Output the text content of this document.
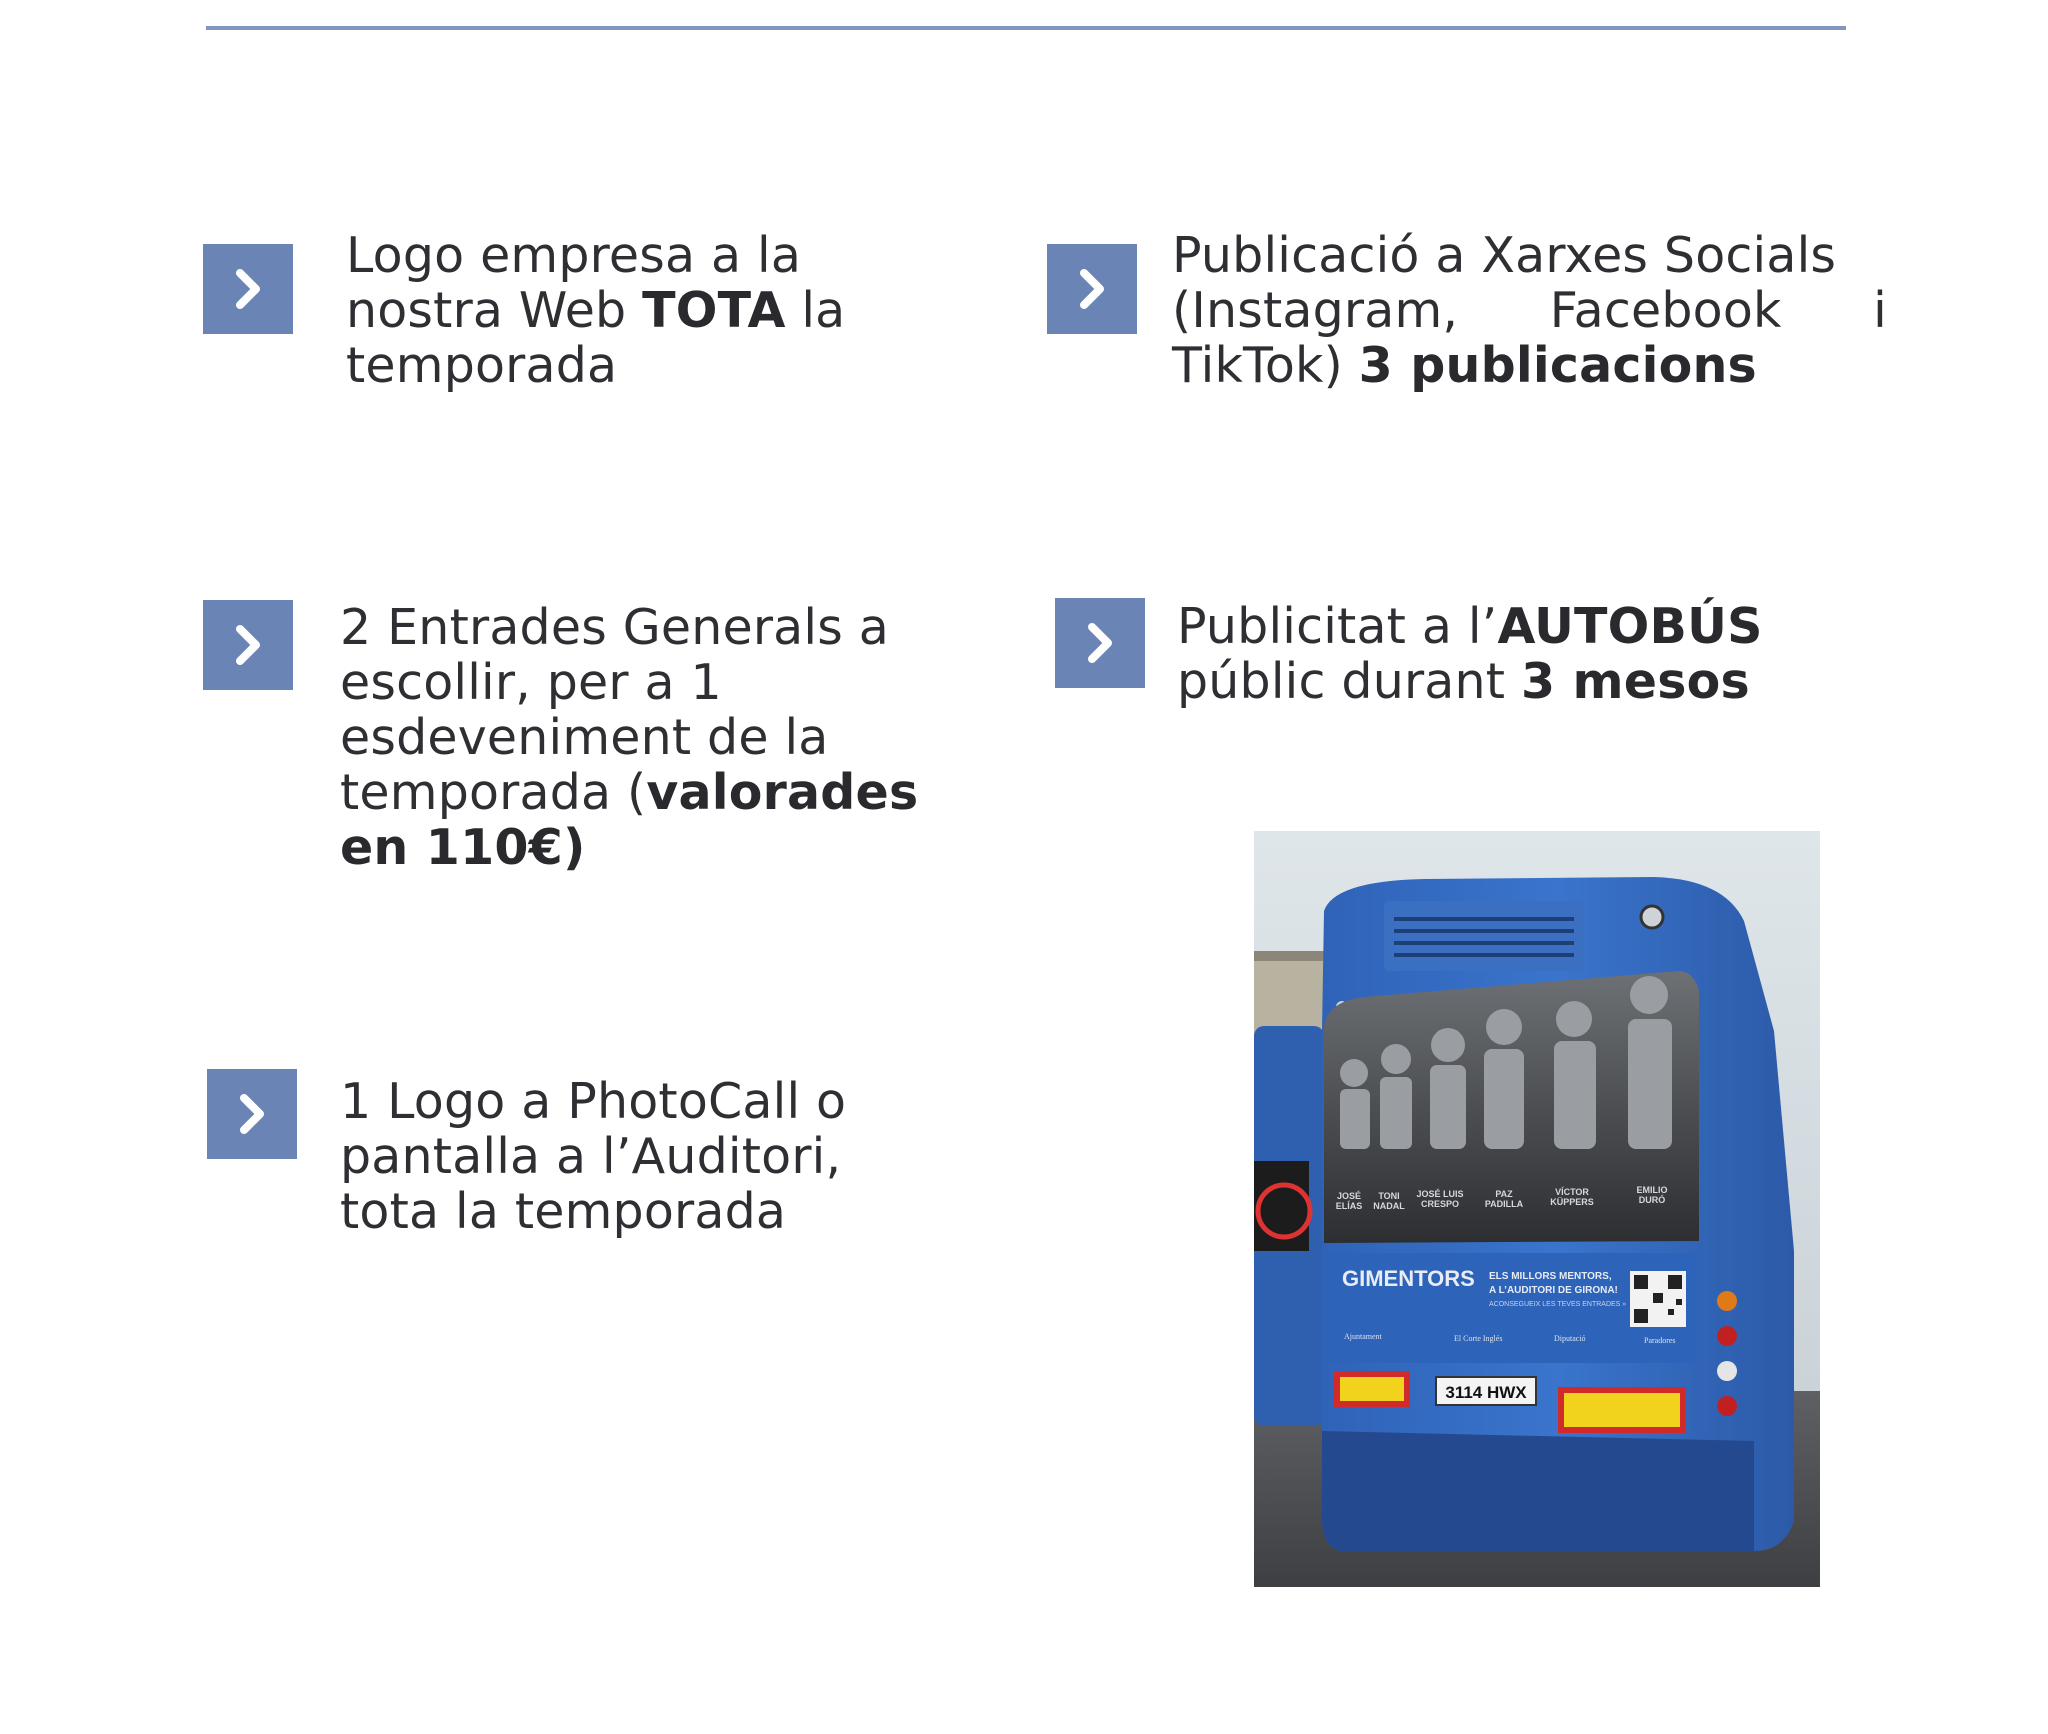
Logo empresa a la
nostra Web TOTA la
temporada
Publicació a Xarxes Socials
(Instagram, Facebook i
TikTok) 3 publicacions
2 Entrades Generals a
escollir, per a 1
esdeveniment de la
temporada (valorades
en 110€)
Publicitat a l’AUTOBÚS
públic durant 3 mesos
1 Logo a PhotoCall o
pantalla a l’Auditori,
tota la temporada	JOSÉ
ELÍAS
TONI
NADAL
JOSÉ LUIS
CRESPO
PAZ
PADILLA
VÍCTOR
KÜPPERS
EMILIO
DURÓ
GIMENTORS ELS MILLORS MENTORS,
A L’AUDITORI DE GIRONA!
ACONSEGUEIX LES TEVES ENTRADES »
Ajuntament	El Corte Inglés	Diputació	Paradores
3114 HWX
